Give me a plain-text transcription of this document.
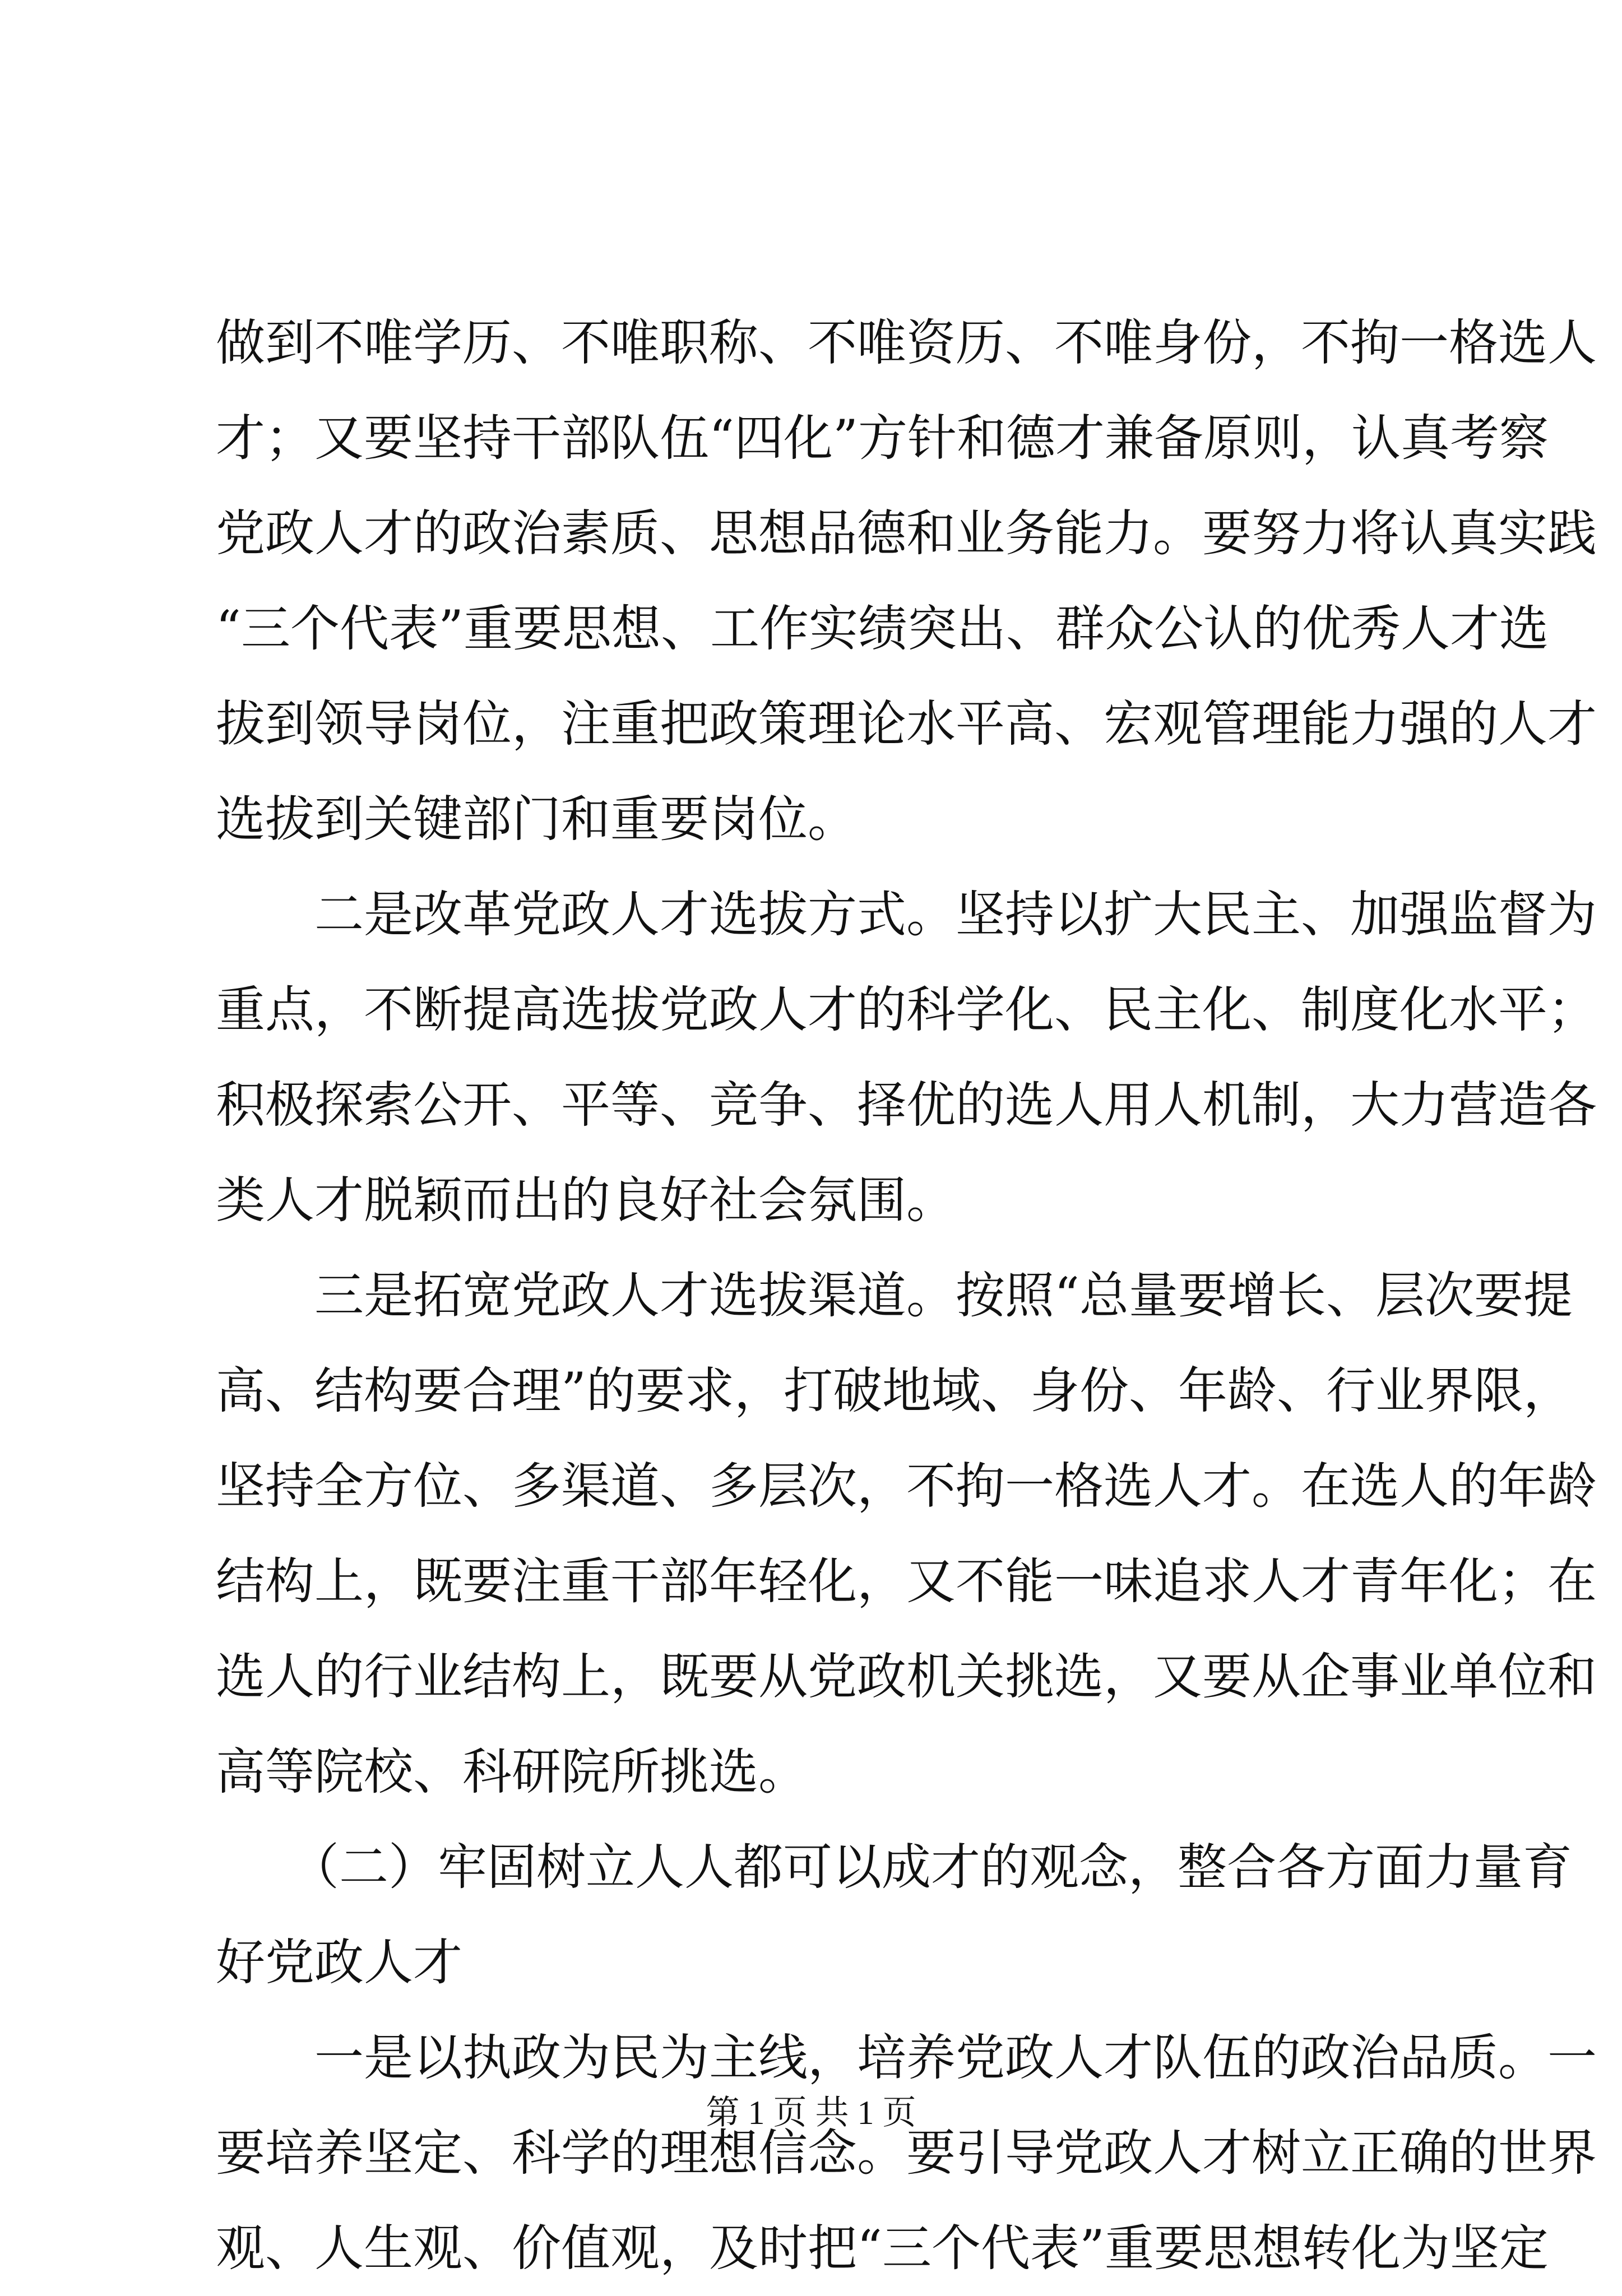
做到不唯学历、不唯职称、不唯资历、不唯身份，不拘一格选人
才；又要坚持干部队伍“四化”方针和德才兼备原则，认真考察
党政人才的政治素质、思想品德和业务能力。要努力将认真实践
“三个代表”重要思想、工作实绩突出、群众公认的优秀人才选
拔到领导岗位，注重把政策理论水平高、宏观管理能力强的人才
选拔到关键部门和重要岗位。
　　二是改革党政人才选拔方式。坚持以扩大民主、加强监督为
重点，不断提高选拔党政人才的科学化、民主化、制度化水平；
积极探索公开、平等、竞争、择优的选人用人机制，大力营造各
类人才脱颖而出的良好社会氛围。
　　三是拓宽党政人才选拔渠道。按照“总量要增长、层次要提
高、结构要合理”的要求，打破地域、身份、年龄、行业界限，
坚持全方位、多渠道、多层次，不拘一格选人才。在选人的年龄
结构上，既要注重干部年轻化，又不能一味追求人才青年化；在
选人的行业结构上，既要从党政机关挑选，又要从企事业单位和
高等院校、科研院所挑选。
　　（二）牢固树立人人都可以成才的观念，整合各方面力量育
好党政人才
　　一是以执政为民为主线，培养党政人才队伍的政治品质。一
要培养坚定、科学的理想信念。要引导党政人才树立正确的世界
观、人生观、价值观，及时把“三个代表”重要思想转化为坚定
第 1 页 共 1 页
